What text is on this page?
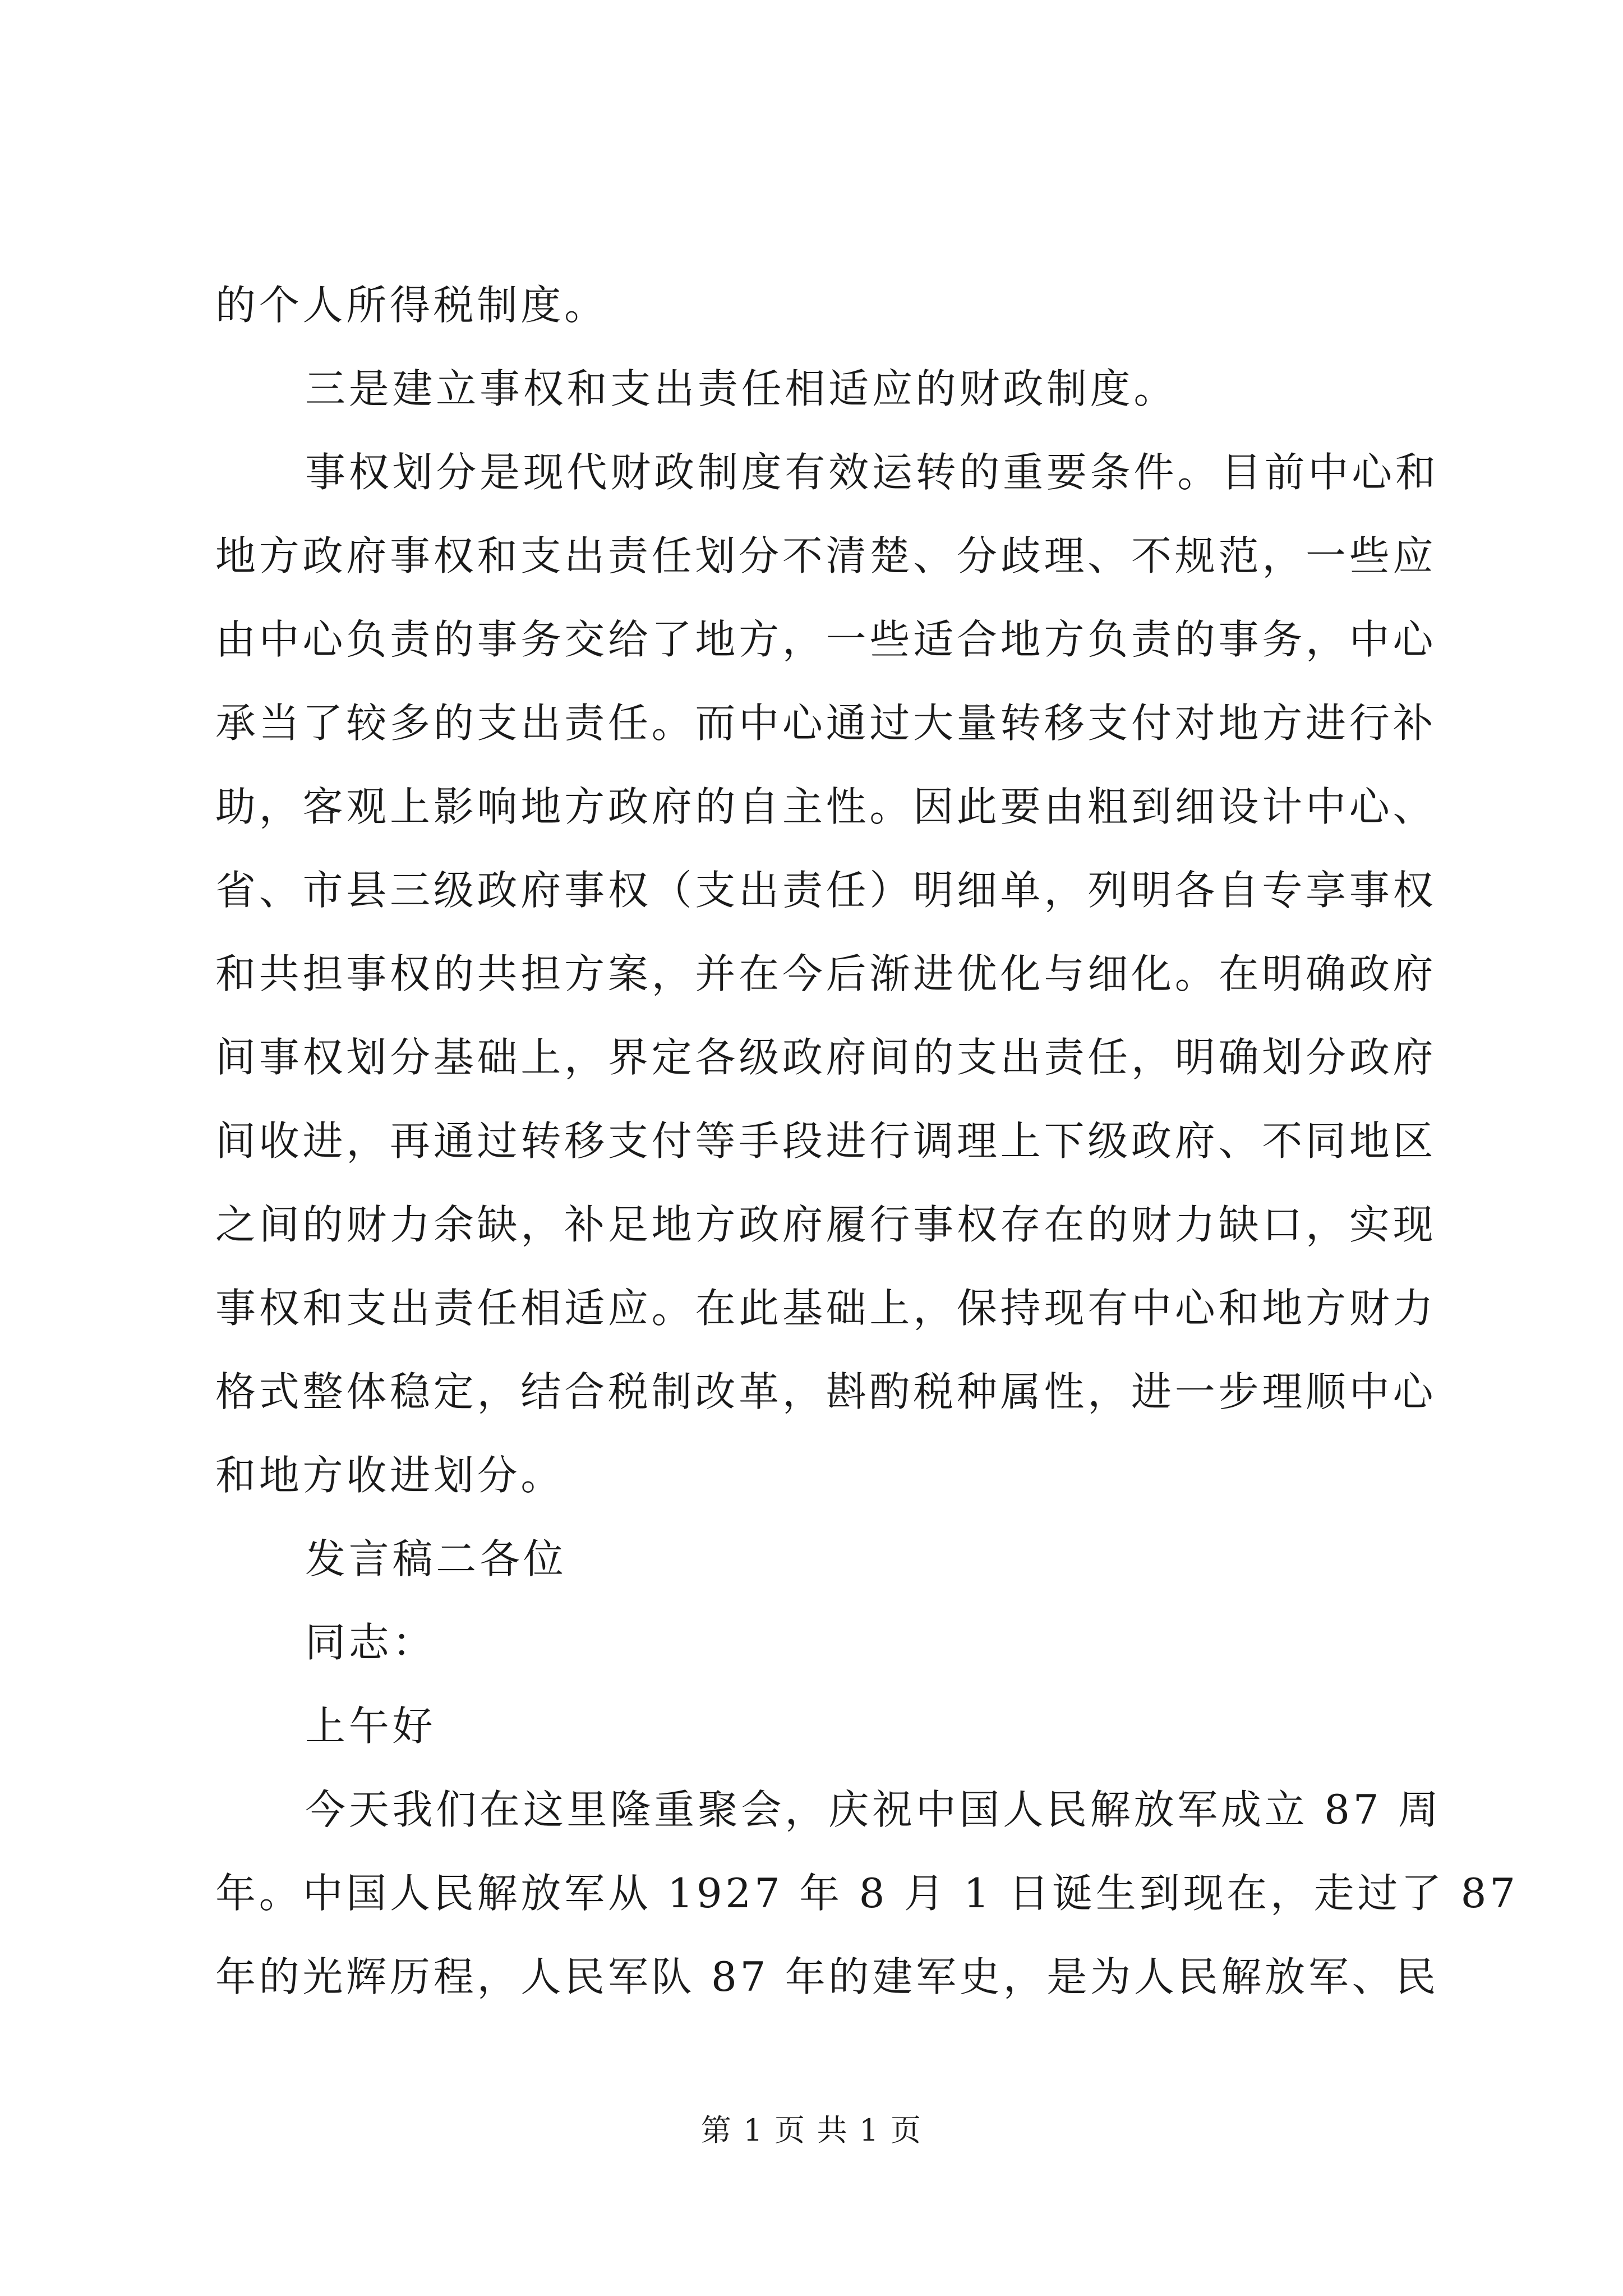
的个人所得税制度。
三是建立事权和支出责任相适应的财政制度。
事权划分是现代财政制度有效运转的重要条件。目前中心和
地方政府事权和支出责任划分不清楚、分歧理、不规范，一些应
由中心负责的事务交给了地方，一些适合地方负责的事务，中心
承当了较多的支出责任。而中心通过大量转移支付对地方进行补
助，客观上影响地方政府的自主性。因此要由粗到细设计中心、
省、市县三级政府事权（支出责任）明细单，列明各自专享事权
和共担事权的共担方案，并在今后渐进优化与细化。在明确政府
间事权划分基础上，界定各级政府间的支出责任，明确划分政府
间收进，再通过转移支付等手段进行调理上下级政府、不同地区
之间的财力余缺，补足地方政府履行事权存在的财力缺口，实现
事权和支出责任相适应。在此基础上，保持现有中心和地方财力
格式整体稳定，结合税制改革，斟酌税种属性，进一步理顺中心
和地方收进划分。
发言稿二各位
同志：
上午好
今天我们在这里隆重聚会，庆祝中国人民解放军成立 87 周
年。中国人民解放军从 1927 年 8 月 1 日诞生到现在，走过了 87
年的光辉历程，人民军队 87 年的建军史，是为人民解放军、民
第 1 页 共 1 页
